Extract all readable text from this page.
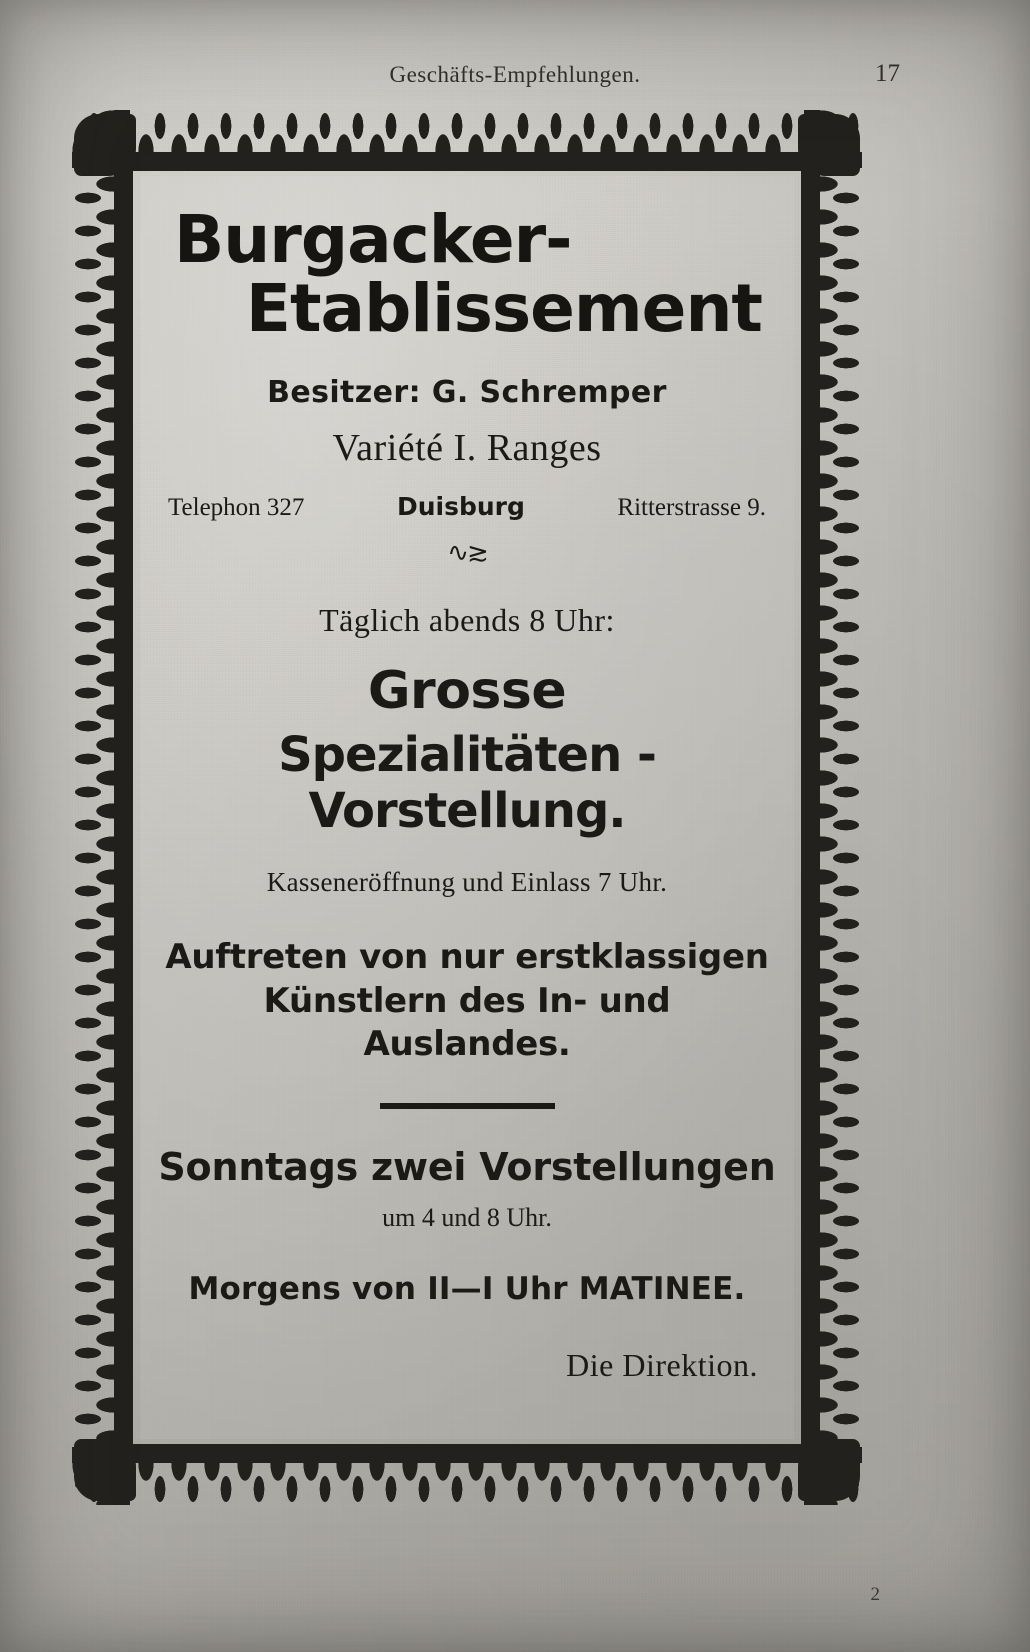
Geschäfts-Empfehlungen.	17
Burgacker-
Etablissement
Besitzer: G. Schremper
Variété I. Ranges
Telephon 327	Duisburg	Ritterstrasse 9.
∿≳
Täglich abends 8 Uhr:
Grosse
Spezialitäten - Vorstellung.
Kasseneröffnung und Einlass 7 Uhr.
Auftreten von nur erstklassigen
Künstlern des In- und Auslandes.
Sonntags zwei Vorstellungen
um 4 und 8 Uhr.
Morgens von II—I Uhr MATINEE.
Die Direktion.
2
